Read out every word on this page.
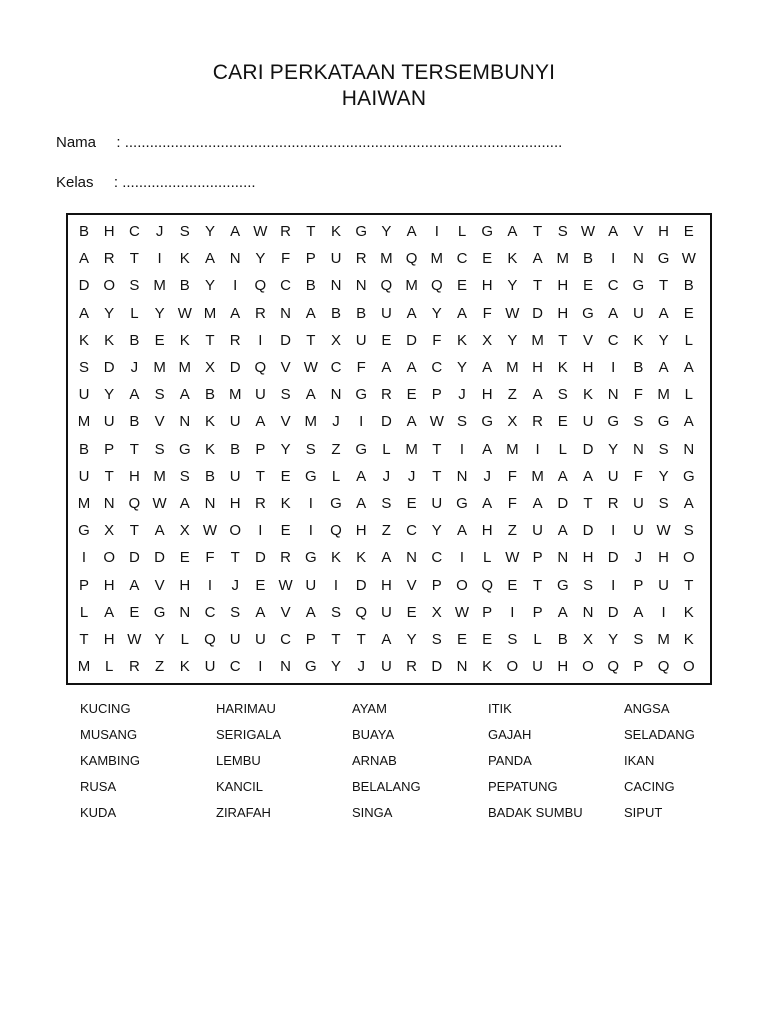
CARI PERKATAAN TERSEMBUNYI
HAIWAN
Nama : .........................................................................................................
Kelas : ................................
B H C	J	S	Y	A W R	T	K G Y	A	I	L	G A	T	S W A	V H E
A R	T	I	K	A N Y	F	P U R M Q M C E	K	A M B	I	N G W
D O S M B	Y	I	Q C B N N Q M Q E H Y	T	H E C G T	B
A	Y	L	Y W M A R N A	B	B U A	Y	A	F W D H G A U A	E
K	K	B	E	K	T	R	I	D	T	X U E D	F	K	X	Y M T	V C K	Y	L
S D	J	M M X D Q V W C	F	A	A C Y	A M H K H	I	B	A	A
U Y	A	S	A	B M U S	A N G R E	P	J	H	Z	A	S	K N	F M L
M U B	V N K U A	V M	J	I	D A W S G X R E U G S G A
B	P	T	S G K	B	P	Y	S	Z G	L M T	I	A M	I	L	D Y N S N
U	T	H M S	B U	T	E G	L	A	J	J	T	N	J	F M A	A U	F	Y G
M N Q W A N H R K	I	G A	S	E U G A	F	A D	T	R U S	A
G X	T	A	X W O	I	E	I	Q H	Z	C Y	A H	Z	U A D	I	U W S
I	O D D E	F	T	D R G K	K	A N C	I	L W P N H D	J	H O
P H A	V H	I	J	E W U	I	D H V	P O Q E	T G S	I	P U	T
L	A	E G N C S	A	V	A	S Q U E	X W P	I	P	A N D A	I	K
T	H W Y	L	Q U U C P	T	T	A	Y	S	E	E	S	L	B	X	Y	S M K
M L	R	Z	K U C	I	N G Y	J	U R D N K O U H O Q P Q O
KUCING	HARIMAU	AYAM	ITIK	ANGSA
MUSANG	SERIGALA	BUAYA	GAJAH	SELADANG
KAMBING	LEMBU	ARNAB	PANDA	IKAN
RUSA	KANCIL	BELALANG	PEPATUNG	CACING
KUDA	ZIRAFAH	SINGA	BADAK SUMBU	SIPUT
